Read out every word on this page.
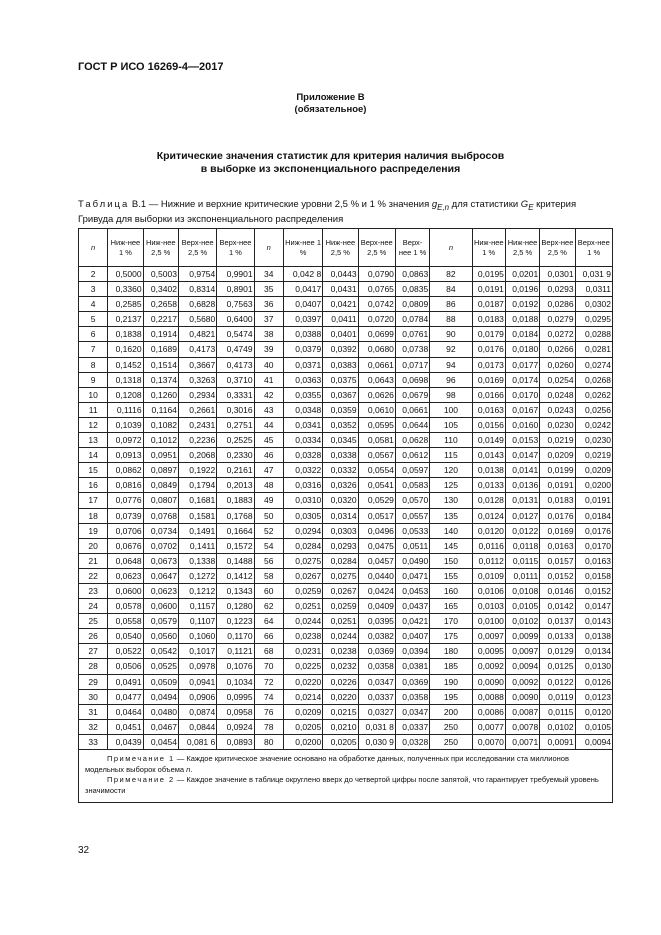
ГОСТ Р ИСО 16269-4—2017
Приложение В
(обязательное)
Критические значения статистик для критерия наличия выбросов
в выборке из экспоненциального распределения
Таблица В.1 — Нижние и верхние критические уровни 2,5 % и 1 % значения $g_{E,n}$ для статистики $G_E$ критерия Гривуда для выборки из экспоненциального распределения
n	Ниж-нее 1 %	Ниж-нее 2,5 %	Верх-нее 2,5 %	Верх-нее 1 %	n	Ниж-нее 1 %	Ниж-нее 2,5 %	Верх-нее 2,5 %	Верх-нее 1 %	n	Ниж-нее 1 %	Ниж-нее 2,5 %	Верх-нее 2,5 %	Верх-нее 1 %
2	0,5000	0,5003	0,9754	0,9901	34	0,042 8	0,0443	0,0790	0,0863	82	0,0195	0,0201	0,0301	0,031 9
3	0,3360	0,3402	0,8314	0,8901	35	0,0417	0,0431	0,0765	0,0835	84	0,0191	0,0196	0,0293	0,0311
4	0,2585	0,2658	0,6828	0,7563	36	0,0407	0,0421	0,0742	0,0809	86	0,0187	0,0192	0,0286	0,0302
5	0,2137	0,2217	0,5680	0,6400	37	0,0397	0,0411	0,0720	0,0784	88	0,0183	0,0188	0,0279	0,0295
6	0,1838	0,1914	0,4821	0,5474	38	0,0388	0,0401	0,0699	0,0761	90	0,0179	0,0184	0,0272	0,0288
7	0,1620	0,1689	0,4173	0,4749	39	0,0379	0,0392	0,0680	0,0738	92	0,0176	0,0180	0,0266	0,0281
8	0,1452	0,1514	0,3667	0,4173	40	0,0371	0,0383	0,0661	0,0717	94	0,0173	0,0177	0,0260	0,0274
9	0,1318	0,1374	0,3263	0,3710	41	0,0363	0,0375	0,0643	0,0698	96	0,0169	0,0174	0,0254	0,0268
10	0,1208	0,1260	0,2934	0,3331	42	0,0355	0,0367	0,0626	0,0679	98	0,0166	0,0170	0,0248	0,0262
11	0,1116	0,1164	0,2661	0,3016	43	0,0348	0,0359	0,0610	0,0661	100	0,0163	0,0167	0,0243	0,0256
12	0,1039	0,1082	0,2431	0,2751	44	0,0341	0,0352	0,0595	0,0644	105	0,0156	0,0160	0,0230	0,0242
13	0,0972	0,1012	0,2236	0,2525	45	0,0334	0,0345	0,0581	0,0628	110	0,0149	0,0153	0,0219	0,0230
14	0,0913	0,0951	0,2068	0,2330	46	0,0328	0,0338	0,0567	0,0612	115	0,0143	0,0147	0,0209	0,0219
15	0,0862	0,0897	0,1922	0,2161	47	0,0322	0,0332	0,0554	0,0597	120	0,0138	0,0141	0,0199	0,0209
16	0,0816	0,0849	0,1794	0,2013	48	0,0316	0,0326	0,0541	0,0583	125	0,0133	0,0136	0,0191	0,0200
17	0,0776	0,0807	0,1681	0,1883	49	0,0310	0,0320	0,0529	0,0570	130	0,0128	0,0131	0,0183	0,0191
18	0,0739	0,0768	0,1581	0,1768	50	0,0305	0,0314	0,0517	0,0557	135	0,0124	0,0127	0,0176	0,0184
19	0,0706	0,0734	0,1491	0,1664	52	0,0294	0,0303	0,0496	0,0533	140	0,0120	0,0122	0,0169	0,0176
20	0,0676	0,0702	0,1411	0,1572	54	0,0284	0,0293	0,0475	0,0511	145	0,0116	0,0118	0,0163	0,0170
21	0,0648	0,0673	0,1338	0,1488	56	0,0275	0,0284	0,0457	0,0490	150	0,0112	0,0115	0,0157	0,0163
22	0,0623	0,0647	0,1272	0,1412	58	0,0267	0,0275	0,0440	0,0471	155	0,0109	0,0111	0,0152	0,0158
23	0,0600	0,0623	0,1212	0,1343	60	0,0259	0,0267	0,0424	0,0453	160	0,0106	0,0108	0,0146	0,0152
24	0,0578	0,0600	0,1157	0,1280	62	0,0251	0,0259	0,0409	0,0437	165	0,0103	0,0105	0,0142	0,0147
25	0,0558	0,0579	0,1107	0,1223	64	0,0244	0,0251	0,0395	0,0421	170	0,0100	0,0102	0,0137	0,0143
26	0,0540	0,0560	0,1060	0,1170	66	0,0238	0,0244	0,0382	0,0407	175	0,0097	0,0099	0,0133	0,0138
27	0,0522	0,0542	0,1017	0,1121	68	0,0231	0,0238	0,0369	0,0394	180	0,0095	0,0097	0,0129	0,0134
28	0,0506	0,0525	0,0978	0,1076	70	0,0225	0,0232	0,0358	0,0381	185	0,0092	0,0094	0,0125	0,0130
29	0,0491	0,0509	0,0941	0,1034	72	0,0220	0,0226	0,0347	0,0369	190	0,0090	0,0092	0,0122	0,0126
30	0,0477	0,0494	0,0906	0,0995	74	0,0214	0,0220	0,0337	0,0358	195	0,0088	0,0090	0,0119	0,0123
31	0,0464	0,0480	0,0874	0,0958	76	0,0209	0,0215	0,0327	0,0347	200	0,0086	0,0087	0,0115	0,0120
32	0,0451	0,0467	0,0844	0,0924	78	0,0205	0,0210	0,031 8	0,0337	250	0,0077	0,0078	0,0102	0,0105
33	0,0439	0,0454	0,081 6	0,0893	80	0,0200	0,0205	0,030 9	0,0328	250	0,0070	0,0071	0,0091	0,0094

Примечание 1 — Каждое критическое значение основано на обработке данных, полученных при исследовании ста миллионов модельных выборок объема n.

Примечание 2 — Каждое значение в таблице округлено вверх до четвертой цифры после запятой, что гарантирует требуемый уровень значимости														

32
